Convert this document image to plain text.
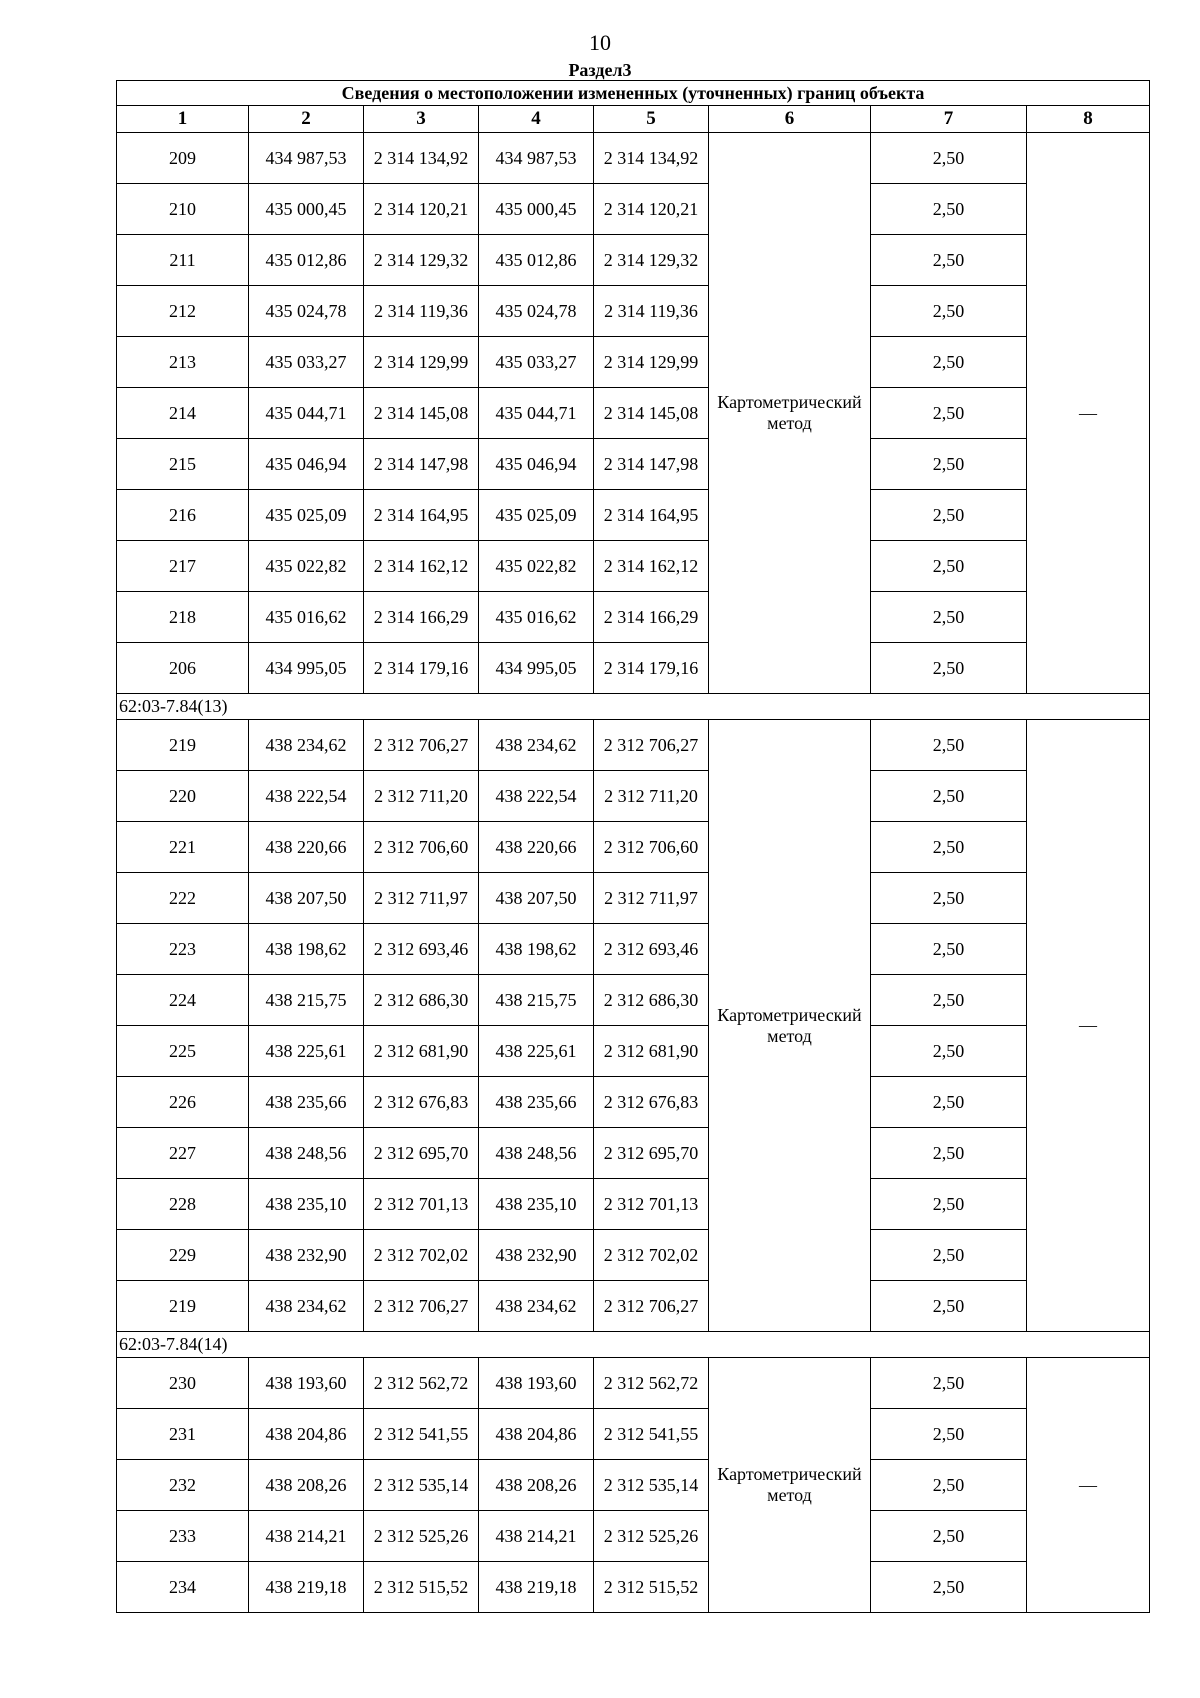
10
Раздел3
Сведения о местоположении измененных (уточненных) границ объекта							
1	2	3	4	5	6	7	8
209	434 987,53	2 314 134,92	434 987,53	2 314 134,92	Картометрический метод	2,50	—
210	435 000,45	2 314 120,21	435 000,45	2 314 120,21		2,50	
211	435 012,86	2 314 129,32	435 012,86	2 314 129,32		2,50	
212	435 024,78	2 314 119,36	435 024,78	2 314 119,36		2,50	
213	435 033,27	2 314 129,99	435 033,27	2 314 129,99		2,50	
214	435 044,71	2 314 145,08	435 044,71	2 314 145,08		2,50	
215	435 046,94	2 314 147,98	435 046,94	2 314 147,98		2,50	
216	435 025,09	2 314 164,95	435 025,09	2 314 164,95		2,50	
217	435 022,82	2 314 162,12	435 022,82	2 314 162,12		2,50	
218	435 016,62	2 314 166,29	435 016,62	2 314 166,29		2,50	
206	434 995,05	2 314 179,16	434 995,05	2 314 179,16		2,50	
62:03-7.84(13)							
219	438 234,62	2 312 706,27	438 234,62	2 312 706,27	Картометрический метод	2,50	—
220	438 222,54	2 312 711,20	438 222,54	2 312 711,20		2,50	
221	438 220,66	2 312 706,60	438 220,66	2 312 706,60		2,50	
222	438 207,50	2 312 711,97	438 207,50	2 312 711,97		2,50	
223	438 198,62	2 312 693,46	438 198,62	2 312 693,46		2,50	
224	438 215,75	2 312 686,30	438 215,75	2 312 686,30		2,50	
225	438 225,61	2 312 681,90	438 225,61	2 312 681,90		2,50	
226	438 235,66	2 312 676,83	438 235,66	2 312 676,83		2,50	
227	438 248,56	2 312 695,70	438 248,56	2 312 695,70		2,50	
228	438 235,10	2 312 701,13	438 235,10	2 312 701,13		2,50	
229	438 232,90	2 312 702,02	438 232,90	2 312 702,02		2,50	
219	438 234,62	2 312 706,27	438 234,62	2 312 706,27		2,50	
62:03-7.84(14)							
230	438 193,60	2 312 562,72	438 193,60	2 312 562,72	Картометрический метод	2,50	—
231	438 204,86	2 312 541,55	438 204,86	2 312 541,55		2,50	
232	438 208,26	2 312 535,14	438 208,26	2 312 535,14		2,50	
233	438 214,21	2 312 525,26	438 214,21	2 312 525,26		2,50	
234	438 219,18	2 312 515,52	438 219,18	2 312 515,52		2,50	
